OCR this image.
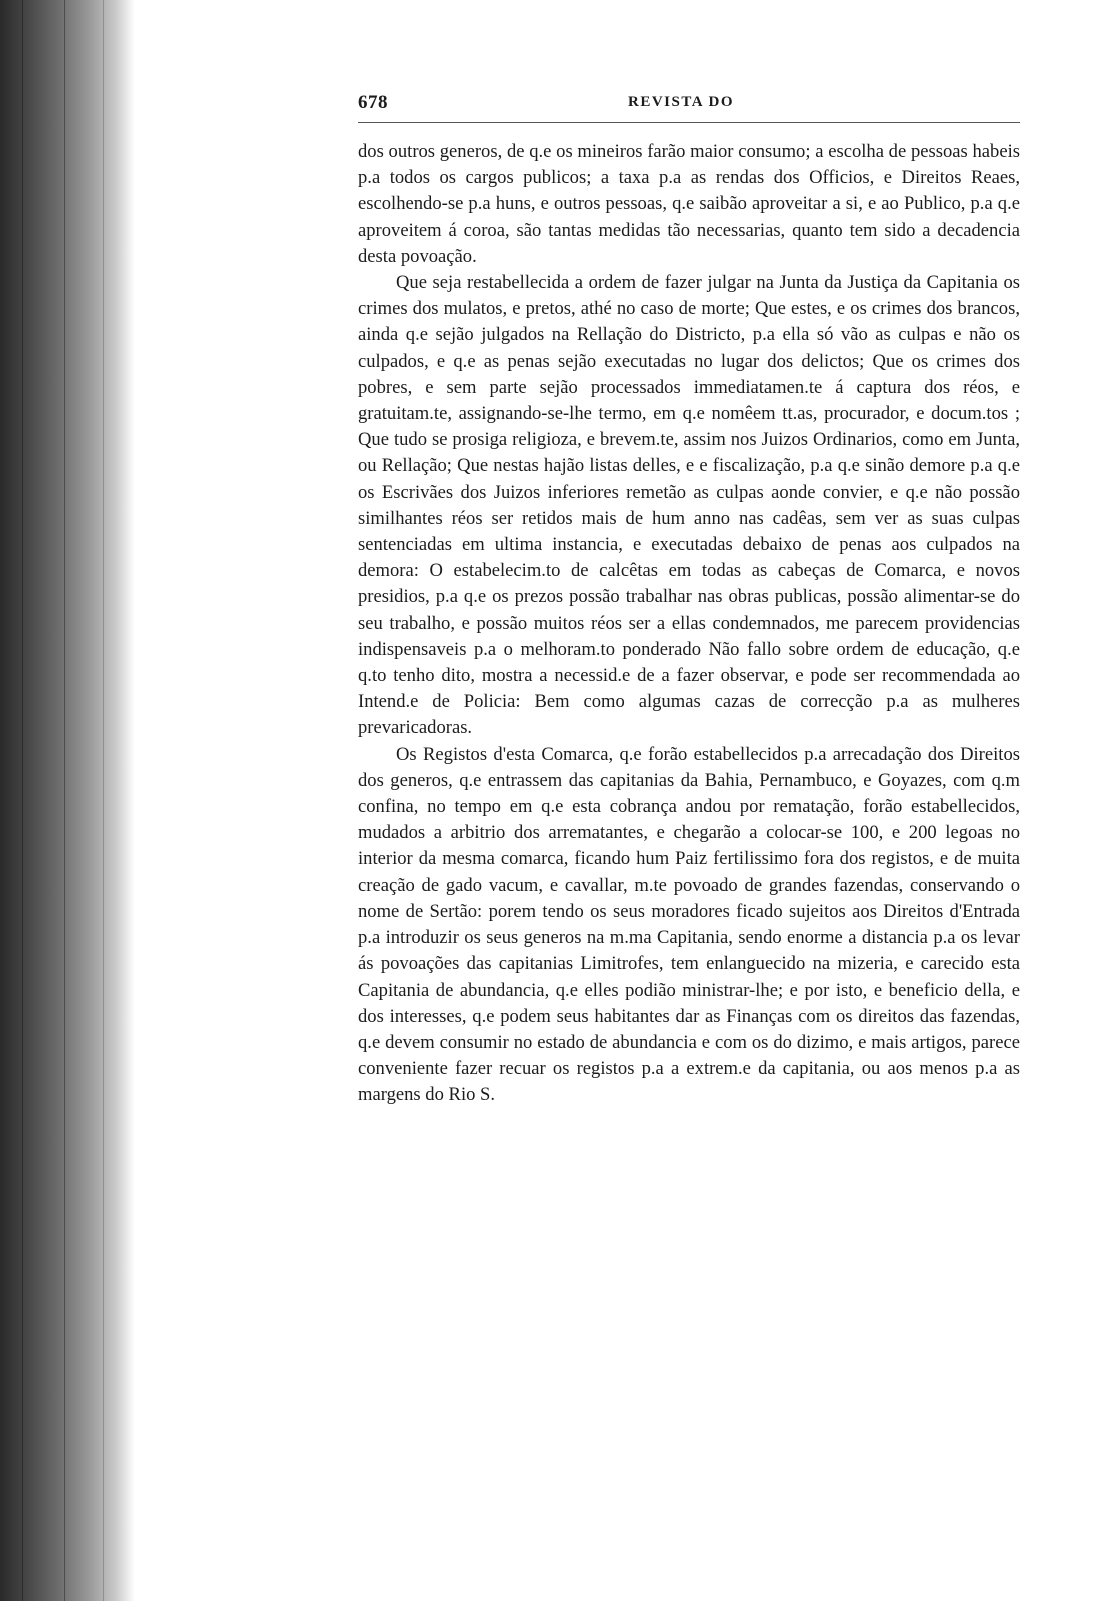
678	REVISTA DO

dos outros generos, de q.e os mineiros farão maior consumo; a escolha de pessoas habeis p.a todos os cargos publicos; a taxa p.a as rendas dos Officios, e Direitos Reaes, escolhendo-se p.a huns, e outros pessoas, q.e saibão aproveitar a si, e ao Publico, p.a q.e aproveitem á coroa, são tantas medidas tão necessarias, quanto tem sido a decadencia desta povoação.

Que seja restabellecida a ordem de fazer julgar na Junta da Justiça da Capitania os crimes dos mulatos, e pretos, athé no caso de morte; Que estes, e os crimes dos brancos, ainda q.e sejão julgados na Rellação do Districto, p.a ella só vão as culpas e não os culpados, e q.e as penas sejão executadas no lugar dos delictos; Que os crimes dos pobres, e sem parte sejão processados immediatamen.te á captura dos réos, e gratuitam.te, assignando-se-lhe termo, em q.e nomêem tt.as, procurador, e docum.tos ; Que tudo se prosiga religioza, e brevem.te, assim nos Juizos Ordinarios, como em Junta, ou Rellação; Que nestas hajão listas delles, e e fiscalização, p.a q.e sinão demore p.a q.e os Escrivães dos Juizos inferiores remetão as culpas aonde convier, e q.e não possão similhantes réos ser retidos mais de hum anno nas cadêas, sem ver as suas culpas sentenciadas em ultima instancia, e executadas debaixo de penas aos culpados na demora: O estabelecim.to de calcêtas em todas as cabeças de Comarca, e novos presidios, p.a q.e os prezos possão trabalhar nas obras publicas, possão alimentar-se do seu trabalho, e possão muitos réos ser a ellas condemnados, me parecem providencias indispensaveis p.a o melhoram.to ponderado Não fallo sobre ordem de educação, q.e q.to tenho dito, mostra a necessid.e de a fazer observar, e pode ser recommendada ao Intend.e de Policia: Bem como algumas cazas de correcção p.a as mulheres prevaricadoras.

Os Registos d'esta Comarca, q.e forão estabellecidos p.a arrecadação dos Direitos dos generos, q.e entrassem das capitanias da Bahia, Pernambuco, e Goyazes, com q.m confina, no tempo em q.e esta cobrança andou por rematação, forão estabellecidos, mudados a arbitrio dos arrematantes, e chegarão a colocar-se 100, e 200 legoas no interior da mesma comarca, ficando hum Paiz fertilissimo fora dos registos, e de muita creação de gado vacum, e cavallar, m.te povoado de grandes fazendas, conservando o nome de Sertão: porem tendo os seus moradores ficado sujeitos aos Direitos d'Entrada p.a introduzir os seus generos na m.ma Capitania, sendo enorme a distancia p.a os levar ás povoações das capitanias Limitrofes, tem enlanguecido na mizeria, e carecido esta Capitania de abundancia, q.e elles podião ministrar-lhe; e por isto, e beneficio della, e dos interesses, q.e podem seus habitantes dar as Finanças com os direitos das fazendas, q.e devem consumir no estado de abundancia e com os do dizimo, e mais artigos, parece conveniente fazer recuar os registos p.a a extrem.e da capitania, ou aos menos p.a as margens do Rio S.
